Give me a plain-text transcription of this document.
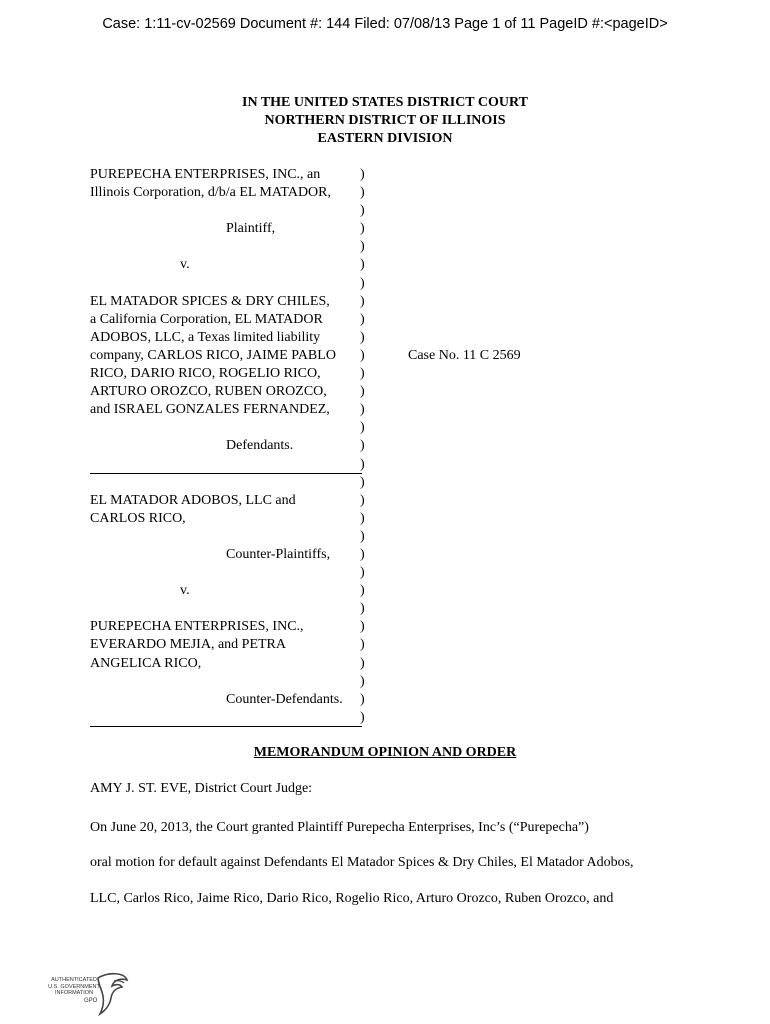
Case: 1:11-cv-02569 Document #: 144 Filed: 07/08/13 Page 1 of 11 PageID #:<pageID>
IN THE UNITED STATES DISTRICT COURT
NORTHERN DISTRICT OF ILLINOIS
EASTERN DIVISION
PUREPECHA ENTERPRISES, INC., an	)
Illinois Corporation, d/b/a EL MATADOR, )
)
Plaintiff,	)
)
v.	)
)
EL MATADOR SPICES & DRY CHILES, )
a California Corporation, EL MATADOR	)
ADOBOS, LLC, a Texas limited liability	)
company, CARLOS RICO, JAIME PABLO )	Case No. 11 C 2569
RICO, DARIO RICO, ROGELIO RICO,	)
ARTURO OROZCO, RUBEN OROZCO, )
and ISRAEL GONZALES FERNANDEZ, )
)
Defendants.	)
)
)
EL MATADOR ADOBOS, LLC and	)
CARLOS RICO,	)
)
Counter-Plaintiffs, )
)
v.	)
)
PUREPECHA ENTERPRISES, INC.,	)
EVERARDO MEJIA, and PETRA	)
ANGELICA RICO,	)
)
Counter-Defendants. )
)
MEMORANDUM OPINION AND ORDER
AMY J. ST. EVE, District Court Judge:
On June 20, 2013, the Court granted Plaintiff Purepecha Enterprises, Inc’s (“Purepecha”)
oral motion for default against Defendants El Matador Spices & Dry Chiles, El Matador Adobos,
LLC, Carlos Rico, Jaime Rico, Dario Rico, Rogelio Rico, Arturo Orozco, Ruben Orozco, and
AUTHENTICATED
U.S. GOVERNMENT
INFORMATION
GPO
